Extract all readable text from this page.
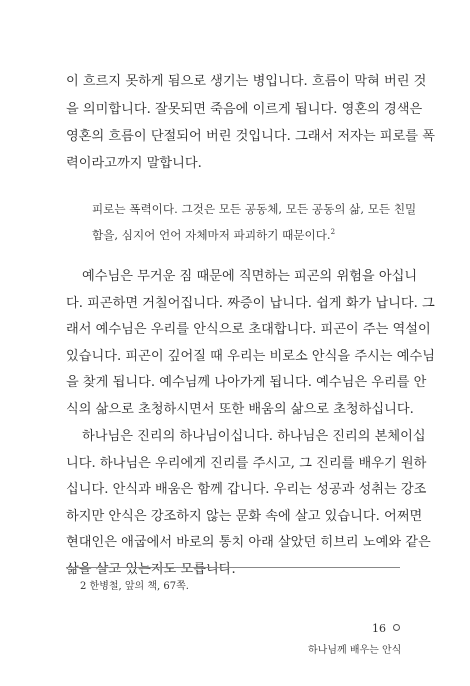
이 흐르지 못하게 됨으로 생기는 병입니다. 흐름이 막혀 버린 것
을 의미합니다. 잘못되면 죽음에 이르게 됩니다. 영혼의 경색은
영혼의 흐름이 단절되어 버린 것입니다. 그래서 저자는 피로를 폭
력이라고까지 말합니다.
피로는 폭력이다. 그것은 모든 공동체, 모든 공동의 삶, 모든 친밀
함을, 심지어 언어 자체마저 파괴하기 때문이다.$^2$
예수님은 무거운 짐 때문에 직면하는 피곤의 위험을 아십니
다. 피곤하면 거칠어집니다. 짜증이 납니다. 쉽게 화가 납니다. 그
래서 예수님은 우리를 안식으로 초대합니다. 피곤이 주는 역설이
있습니다. 피곤이 깊어질 때 우리는 비로소 안식을 주시는 예수님
을 찾게 됩니다. 예수님께 나아가게 됩니다. 예수님은 우리를 안
식의 삶으로 초청하시면서 또한 배움의 삶으로 초청하십니다.
하나님은 진리의 하나님이십니다. 하나님은 진리의 본체이십
니다. 하나님은 우리에게 진리를 주시고, 그 진리를 배우기 원하
십니다. 안식과 배움은 함께 갑니다. 우리는 성공과 성취는 강조
하지만 안식은 강조하지 않는 문화 속에 살고 있습니다. 어쩌면
현대인은 애굽에서 바로의 통치 아래 살았던 히브리 노예와 같은
삶을 살고 있는지도 모릅니다.
2 한병철, 앞의 책, 67쪽.
16
하나님께 배우는 안식
